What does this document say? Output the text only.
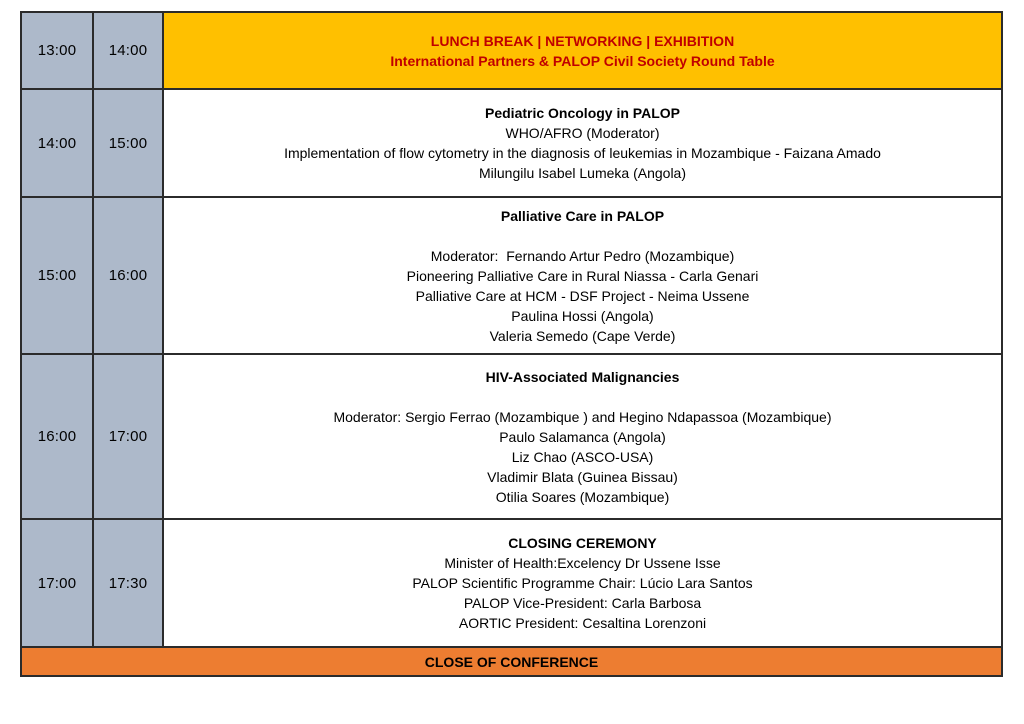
13:00	14:00
LUNCH BREAK | NETWORKING | EXHIBITION
International Partners & PALOP Civil Society Round Table
14:00	15:00
Pediatric Oncology in PALOP
WHO/AFRO (Moderator)
Implementation of flow cytometry in the diagnosis of leukemias in Mozambique - Faizana Amado
Milungilu Isabel Lumeka (Angola)
15:00	16:00
Palliative Care in PALOP
Moderator:  Fernando Artur Pedro (Mozambique)
Pioneering Palliative Care in Rural Niassa - Carla Genari
Palliative Care at HCM - DSF Project - Neima Ussene
Paulina Hossi (Angola)
Valeria Semedo (Cape Verde)
16:00	17:00
HIV-Associated Malignancies
Moderator: Sergio Ferrao (Mozambique ) and Hegino Ndapassoa (Mozambique)
Paulo Salamanca (Angola)
Liz Chao (ASCO-USA)
Vladimir Blata (Guinea Bissau)
Otilia Soares (Mozambique)
17:00	17:30
CLOSING CEREMONY
Minister of Health:Excelency Dr Ussene Isse
PALOP Scientific Programme Chair: Lúcio Lara Santos
PALOP Vice-President: Carla Barbosa
AORTIC President: Cesaltina Lorenzoni
CLOSE OF CONFERENCE
